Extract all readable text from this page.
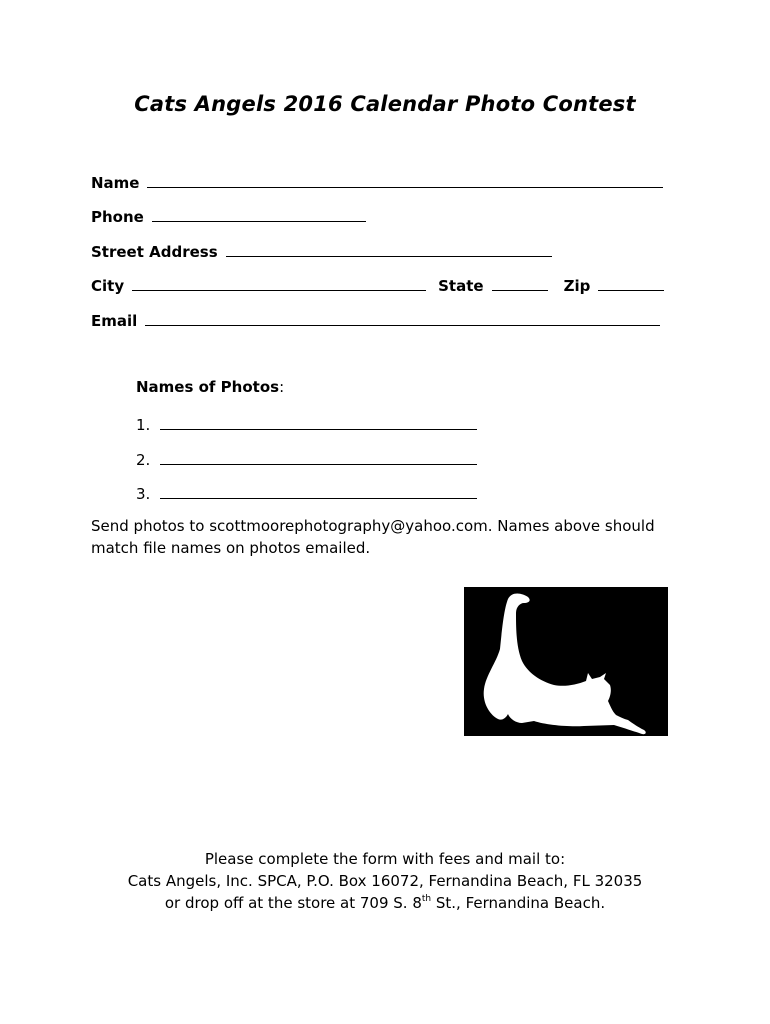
Cats Angels 2016 Calendar Photo Contest
Name
Phone
Street Address
City	State	Zip
Email
Names of Photos:
1.
2.
3.
Send photos to scottmoorephotography@yahoo.com. Names above should
match file names on photos emailed.
Please complete the form with fees and mail to:
Cats Angels, Inc. SPCA, P.O. Box 16072, Fernandina Beach, FL 32035
or drop off at the store at 709 S. 8th St., Fernandina Beach.
